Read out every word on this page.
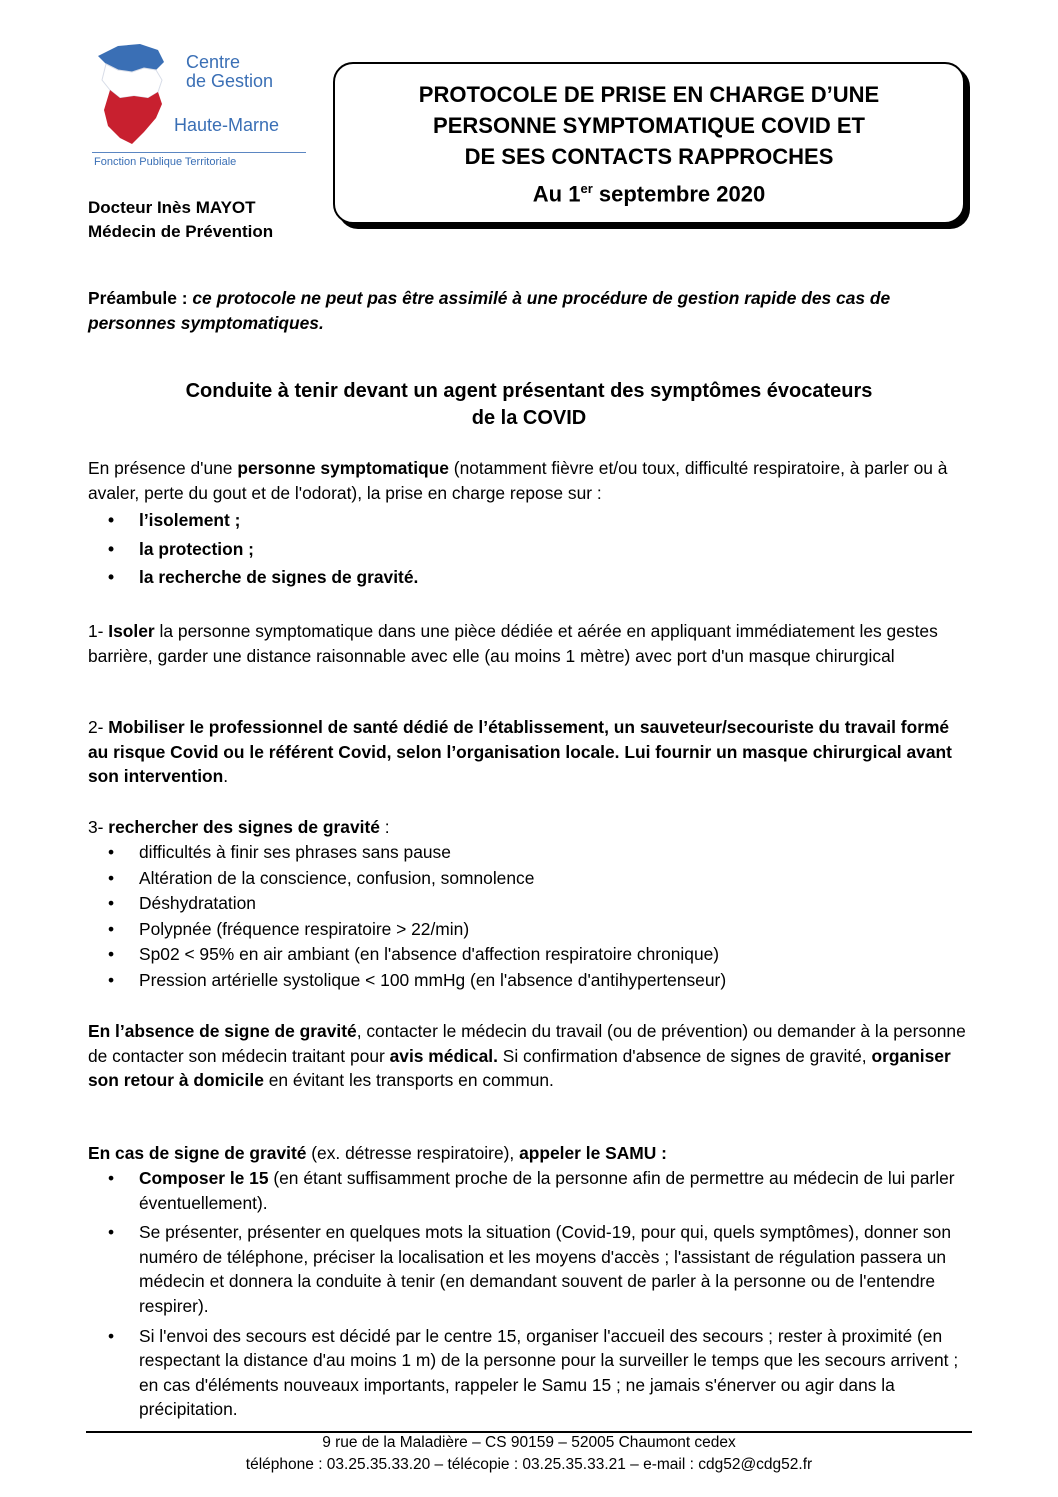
Centre
de Gestion
Haute-Marne
Fonction Publique Territoriale
Docteur Inès MAYOT
Médecin de Prévention
PROTOCOLE DE PRISE EN CHARGE D’UNE
PERSONNE SYMPTOMATIQUE COVID ET
DE SES CONTACTS RAPPROCHES
Au 1er septembre 2020
Préambule : ce protocole ne peut pas être assimilé à une procédure de gestion rapide des cas de personnes symptomatiques.
Conduite à tenir devant un agent présentant des symptômes évocateurs
de la COVID
En présence d'une personne symptomatique (notamment fièvre et/ou toux, difficulté respiratoire, à parler ou à avaler, perte du gout et de l'odorat), la prise en charge repose sur :
• l’isolement ;
• la protection ;
• la recherche de signes de gravité.
1- Isoler la personne symptomatique dans une pièce dédiée et aérée en appliquant immédiatement les gestes barrière, garder une distance raisonnable avec elle (au moins 1 mètre) avec port d'un masque chirurgical
2- Mobiliser le professionnel de santé dédié de l’établissement, un sauveteur/secouriste du travail formé au risque Covid ou le référent Covid, selon l’organisation locale. Lui fournir un masque chirurgical avant son intervention.
3- rechercher des signes de gravité :
• difficultés à finir ses phrases sans pause
• Altération de la conscience, confusion, somnolence
• Déshydratation
• Polypnée (fréquence respiratoire > 22/min)
• Sp02 < 95% en air ambiant (en l'absence d'affection respiratoire chronique)
• Pression artérielle systolique < 100 mmHg (en l'absence d'antihypertenseur)
En l’absence de signe de gravité, contacter le médecin du travail (ou de prévention) ou demander à la personne de contacter son médecin traitant pour avis médical. Si confirmation d'absence de signes de gravité, organiser son retour à domicile en évitant les transports en commun.
En cas de signe de gravité (ex. détresse respiratoire), appeler le SAMU :
• Composer le 15 (en étant suffisamment proche de la personne afin de permettre au médecin de lui parler éventuellement).
• Se présenter, présenter en quelques mots la situation (Covid-19, pour qui, quels symptômes), donner son numéro de téléphone, préciser la localisation et les moyens d'accès ; l'assistant de régulation passera un médecin et donnera la conduite à tenir (en demandant souvent de parler à la personne ou de l'entendre respirer).
• Si l'envoi des secours est décidé par le centre 15, organiser l'accueil des secours ; rester à proximité (en respectant la distance d'au moins 1 m) de la personne pour la surveiller le temps que les secours arrivent ; en cas d'éléments nouveaux importants, rappeler le Samu 15 ; ne jamais s'énerver ou agir dans la précipitation.
9 rue de la Maladière – CS 90159 – 52005 Chaumont cedex
téléphone : 03.25.35.33.20 – télécopie : 03.25.35.33.21 – e-mail : cdg52@cdg52.fr
